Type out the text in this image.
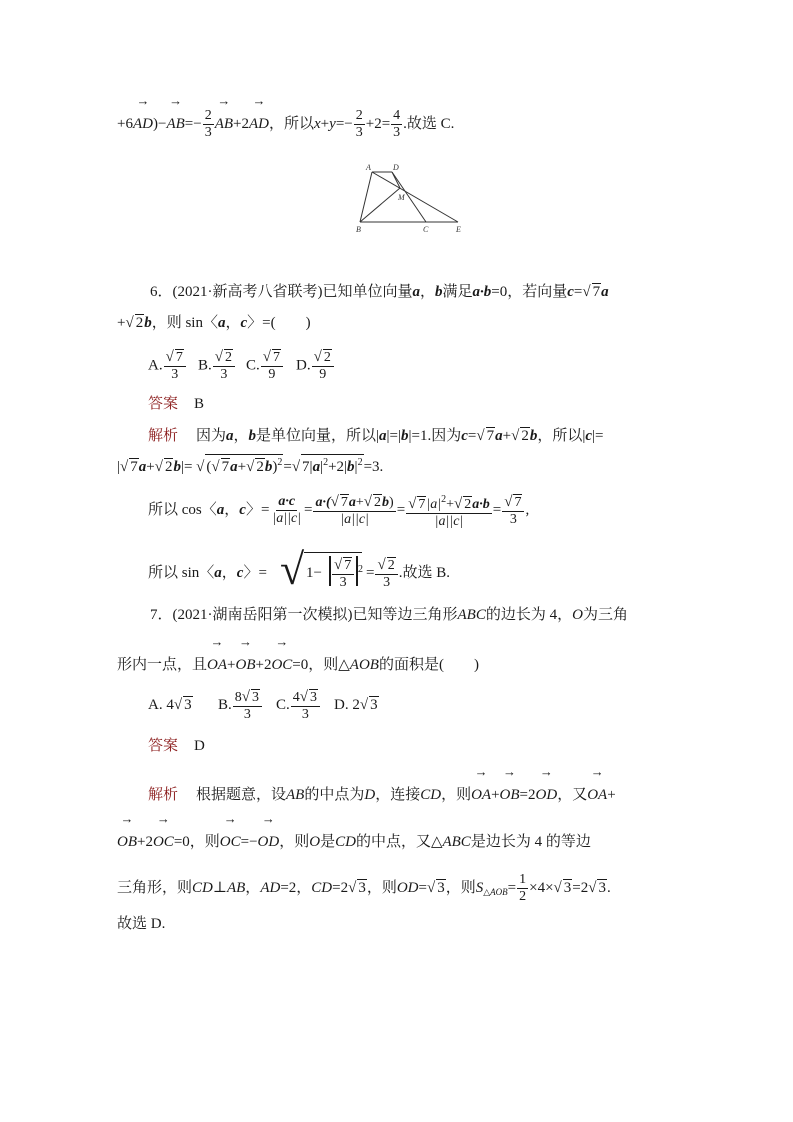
$+6\to AD)-\to AB=- \frac{2}{3}$
→ AB+2→ AD，所以$x+y=- \frac{2}{3} +2= \frac{4}{3}$ .故选 C.
A	D
M
B	C	E
6．(2021·新高考八省联考)已知单位向量a，b满足a·b=0，若向量c=√ 7a
+√ 2b，则 sin〈a，c〉=(　　)
A. $\frac{√ 7}{3} B$. $\frac{√ 2}{3} C$. $\frac{√ 7}{9} D$. $\frac{√ 2}{9}$
答案 B
解析 因为a，b是单位向量，所以|a|=|b|=1.因为c=√ 7a+√ 2b，所以|c|=
|√ 7a+√ 2b|= √ (√ 7a+√ 2b)$^2$=√ $7|a|^2+2|b|^2=3$.
所以 cos〈a，c〉= $\frac{a\cdot c}{|a||c|} = \frac{a\cdot(√ 7a+√ 2b)}{|a||c|} = \frac{√ 7|a|^2+√ 2a\cdot b}{|a||c|} = \frac{√ 7}{3}$ ,
所以 sin〈a，c〉= √ $1- \frac{√ 7}{3} 2 = \frac{√ 2}{3}$ .故选 B.
7．(2021·湖南岳阳第一次模拟)已知等边三角形ABC的边长为 4，O为三角
形内一点，且→ OA+→ OB+2→ OC=0，则△AOB的面积是(　　)
A. 4√ 3 B. $\frac{8√ 3}{3} C$. $\frac{4√ 3}{3} D$. 2√ 3
答案 D
解析 根据题意，设AB的中点为D，连接CD，则→ OA+→ OB=2→ OD，又→ OA+
→ OB+2→ OC=0，则→ OC=−→ OD，则O是CD的中点，又△ABC是边长为 4 的等边
三角形，则CD⊥AB，AD=2，CD=2√ 3，则OD=√ 3，则$S_{\triangle AOB}= \frac{1}{2} \times 4\times√$ 3=2√ 3.
故选 D.
